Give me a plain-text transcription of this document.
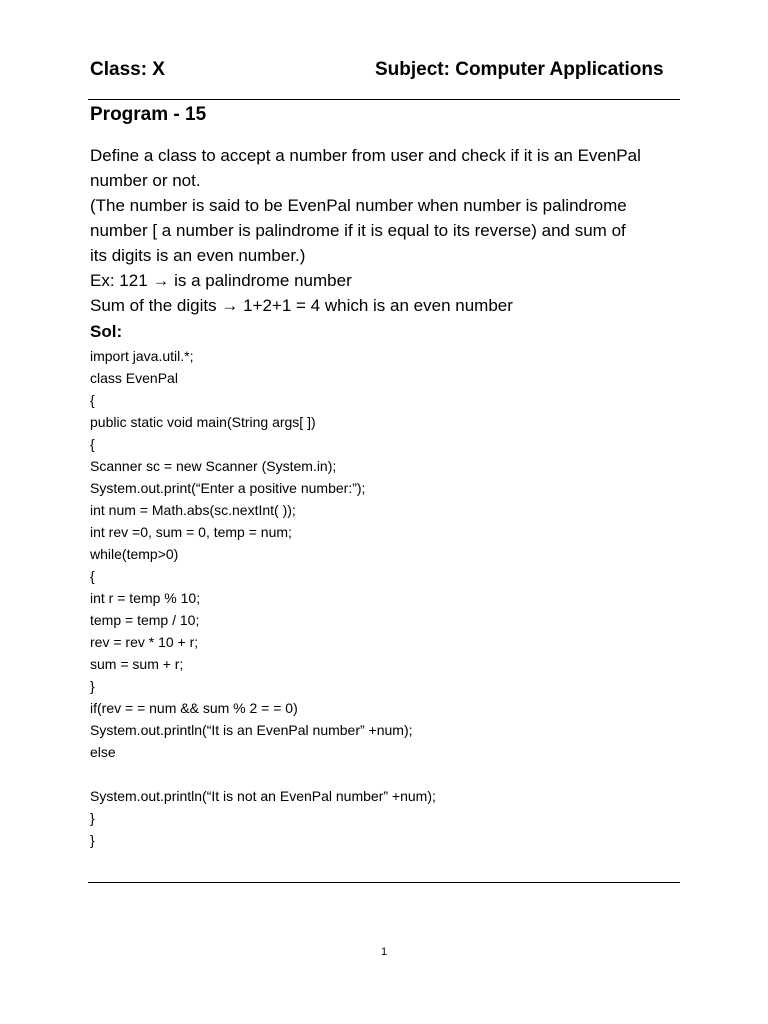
Class: X	Subject: Computer Applications
Program - 15
Define a class to accept a number from user and check if it is an EvenPal
number or not.
(The number is said to be EvenPal number when number is palindrome
number [ a number is palindrome if it is equal to its reverse) and sum of
its digits is an even number.)
Ex: 121 → is a palindrome number
Sum of the digits → 1+2+1 = 4 which is an even number
Sol:
import java.util.*;
class EvenPal
{
public static void main(String args[ ])
{
Scanner sc = new Scanner (System.in);
System.out.print(“Enter a positive number:”);
int num = Math.abs(sc.nextInt( ));
int rev =0, sum = 0, temp = num;
while(temp>0)
{
int r = temp % 10;
temp = temp / 10;
rev = rev * 10 + r;
sum = sum + r;
}
if(rev = = num && sum % 2 = = 0)
System.out.println(“It is an EvenPal number” +num);
else
System.out.println(“It is not an EvenPal number” +num);
}
}
1
